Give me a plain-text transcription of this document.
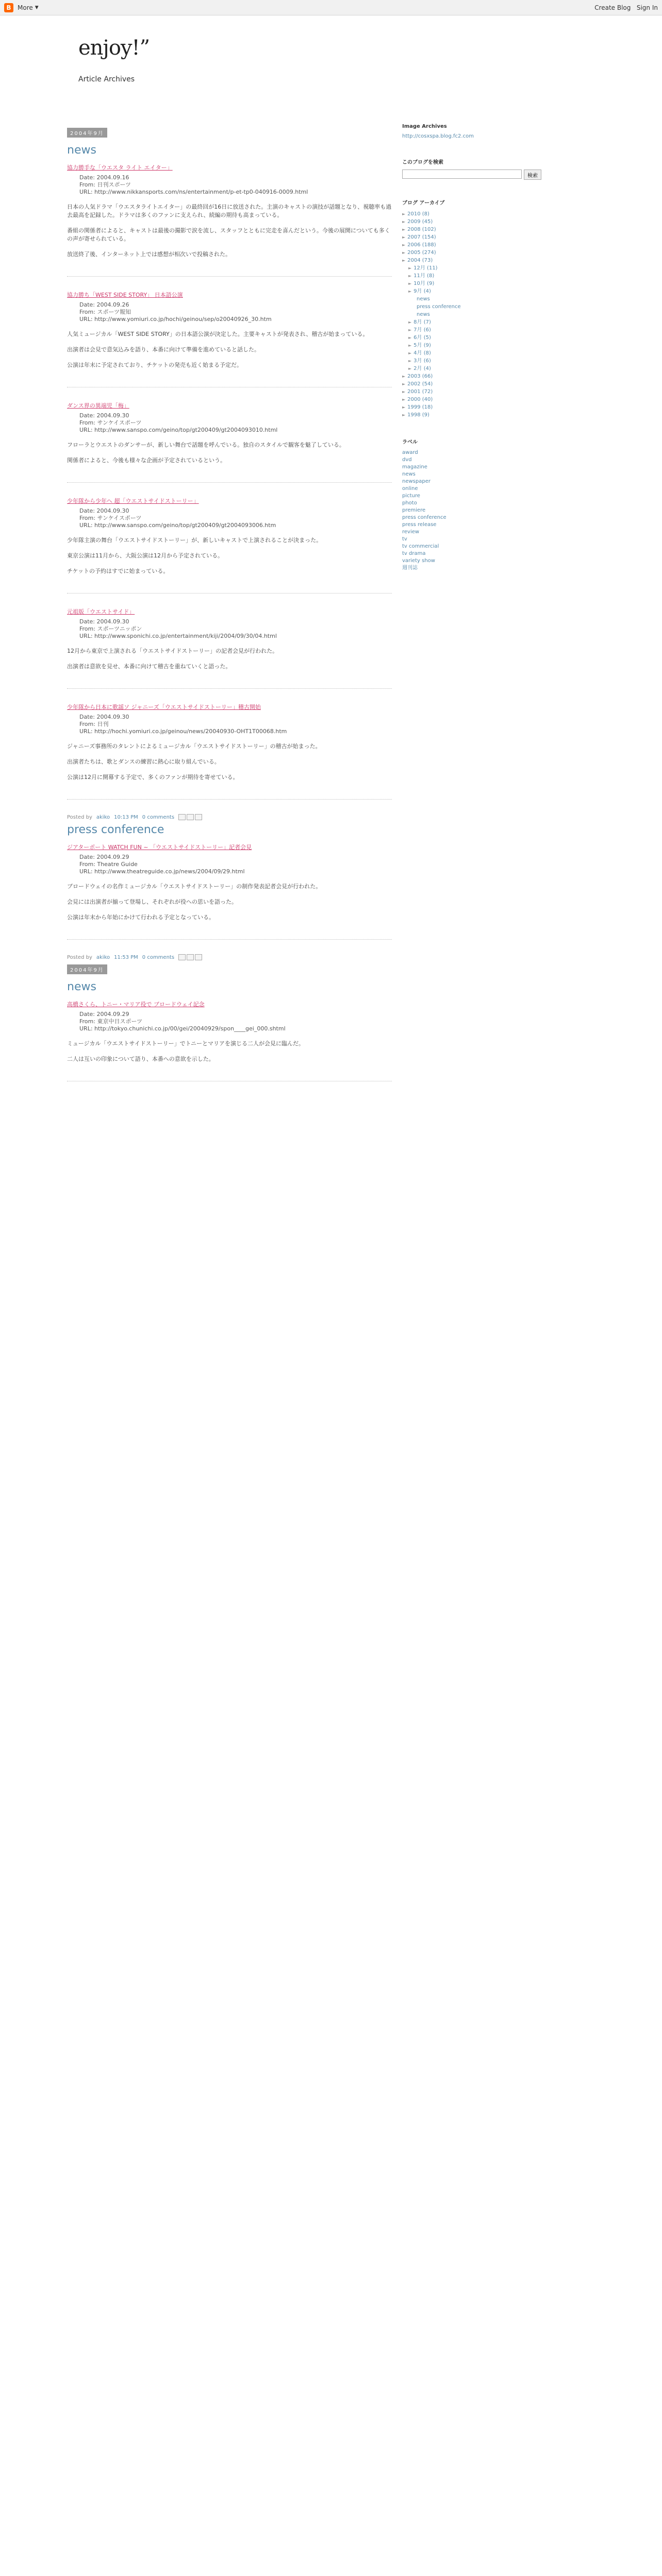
B	More ▼	Create Blog Sign In
enjoy!”
Article Archives
2004年9月
news
協力勝手な「ウエスタ ライト エイター」
Date: 2004.09.16
From: 日刊スポーツ
URL: http://www.nikkansports.com/ns/entertainment/p-et-tp0-040916-0009.html

日本の人気ドラマ「ウエスタライトエイター」の最終回が16日に放送された。主演のキャストの演技が話題となり、視聴率も過去最高を記録した。ドラマは多くのファンに支えられ、続編の期待も高まっている。

番組の関係者によると、キャストは最後の撮影で涙を流し、スタッフとともに完走を喜んだという。今後の展開についても多くの声が寄せられている。

放送終了後、インターネット上では感想が相次いで投稿された。

協力勝ち「WEST SIDE STORY」 日本語公演
Date: 2004.09.26
From: スポーツ報知
URL: http://www.yomiuri.co.jp/hochi/geinou/sep/o20040926_30.htm

人気ミュージカル「WEST SIDE STORY」の日本語公演が決定した。主要キャストが発表され、稽古が始まっている。

出演者は会見で意気込みを語り、本番に向けて準備を進めていると話した。

公演は年末に予定されており、チケットの発売も近く始まる予定だ。

ダンス界の異端児「梅」
Date: 2004.09.30
From: サンケイスポーツ
URL: http://www.sanspo.com/geino/top/gt200409/gt2004093010.html

フローラとウエストのダンサーが、新しい舞台で話題を呼んでいる。独自のスタイルで観客を魅了している。

関係者によると、今後も様々な企画が予定されているという。

少年隊から少年へ 超「ウエストサイドストーリー」
Date: 2004.09.30
From: サンケイスポーツ
URL: http://www.sanspo.com/geino/top/gt200409/gt2004093006.htm

少年隊主演の舞台「ウエストサイドストーリー」が、新しいキャストで上演されることが決まった。

東京公演は11月から、大阪公演は12月から予定されている。

チケットの予約はすでに始まっている。

元祖版「ウエストサイド」
Date: 2004.09.30
From: スポーツニッポン
URL: http://www.sponichi.co.jp/entertainment/kiji/2004/09/30/04.html

12月から東京で上演される「ウエストサイドストーリー」の記者会見が行われた。

出演者は意欲を見せ、本番に向けて稽古を重ねていくと語った。

少年隊から日本に歌謡ソ ジャニーズ「ウエストサイドストーリー」稽古開始
Date: 2004.09.30
From: 日刊
URL: http://hochi.yomiuri.co.jp/geinou/news/20040930-OHT1T00068.htm

ジャニーズ事務所のタレントによるミュージカル「ウエストサイドストーリー」の稽古が始まった。

出演者たちは、歌とダンスの練習に熱心に取り組んでいる。

公演は12月に開幕する予定で、多くのファンが期待を寄せている。

Posted by akiko 10:13 PM 0 comments
press conference
ジアターポート WATCH FUN ~ 「ウエストサイドストーリー」記者会見
Date: 2004.09.29
From: Theatre Guide
URL: http://www.theatreguide.co.jp/news/2004/09/29.html

ブロードウェイの名作ミュージカル「ウエストサイドストーリー」の制作発表記者会見が行われた。

会見には出演者が揃って登場し、それぞれが役への思いを語った。

公演は年末から年始にかけて行われる予定となっている。

Posted by akiko 11:53 PM 0 comments
2004年9月
news
高橋さくら、トニー・マリア役で ブロードウェイ記念
Date: 2004.09.29
From: 東京中日スポーツ
URL: http://tokyo.chunichi.co.jp/00/gei/20040929/spon____gei_000.shtml

ミュージカル「ウエストサイドストーリー」でトニーとマリアを演じる二人が会見に臨んだ。

二人は互いの印象について語り、本番への意欲を示した。

Image Archives
http://cosxspa.blog.fc2.com
このブログを検索
検索
ブログ アーカイブ
► 2010 (8)
► 2009 (45)
► 2008 (102)
► 2007 (154)
► 2006 (188)
► 2005 (274)
► 2004 (73)
► 12月 (11)
► 11月 (8)
► 10月 (9)
► 9月 (4)
news
press conference
news
► 8月 (7)
► 7月 (6)
► 6月 (5)
► 5月 (9)
► 4月 (8)
► 3月 (6)
► 2月 (4)
► 2003 (66)
► 2002 (54)
► 2001 (72)
► 2000 (40)
► 1999 (18)
► 1998 (9)
ラベル
award
dvd
magazine
news
newspaper
online
picture
photo
premiere
press conference
press release
review
tv
tv commercial
tv drama
variety show
週刊誌
